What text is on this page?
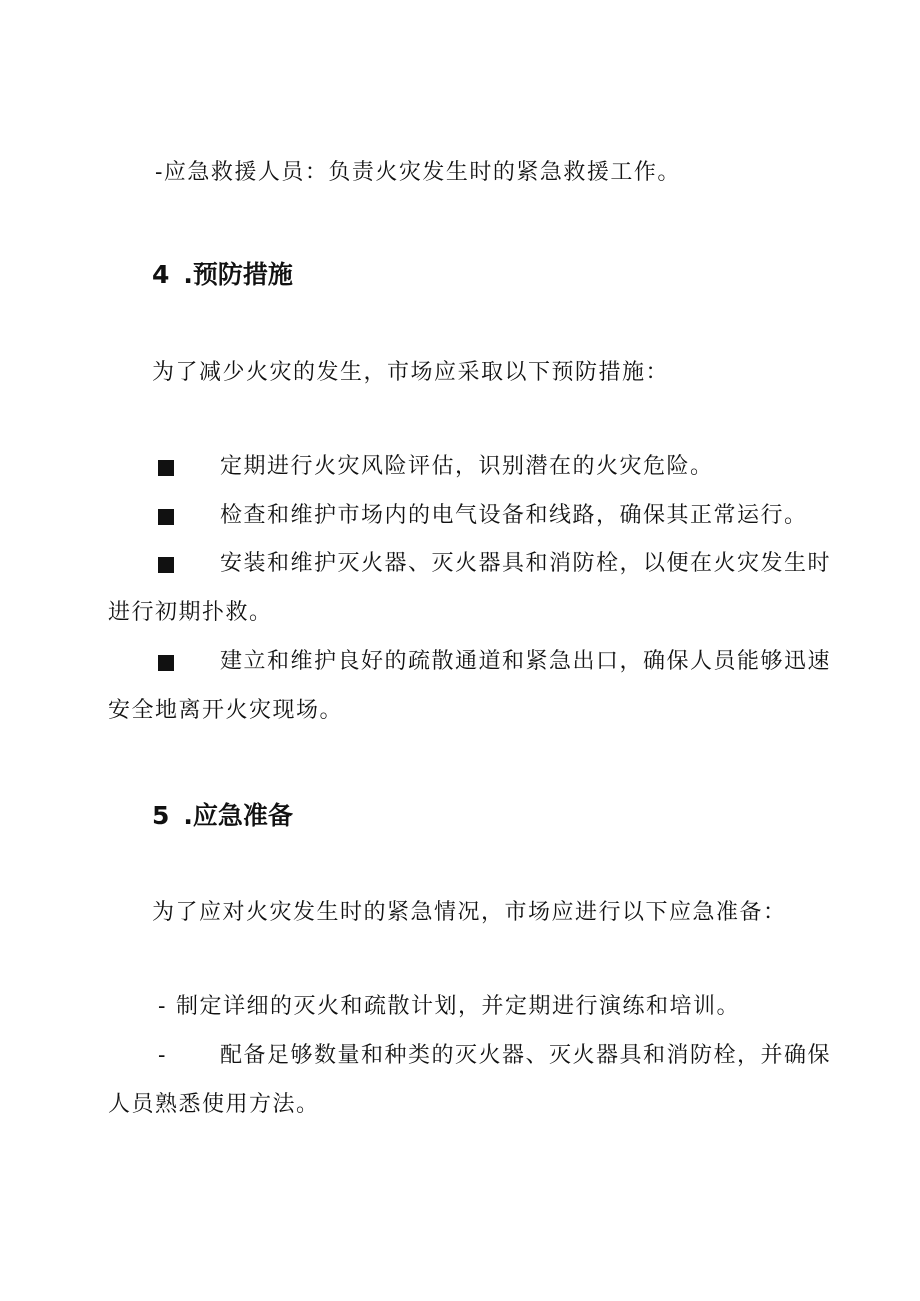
-应急救援人员：负责火灾发生时的紧急救援工作。
4 .预防措施
为了减少火灾的发生，市场应采取以下预防措施：
定期进行火灾风险评估，识别潜在的火灾危险。
检查和维护市场内的电气设备和线路，确保其正常运行。
安装和维护灭火器、灭火器具和消防栓，以便在火灾发生时
进行初期扑救。
建立和维护良好的疏散通道和紧急出口，确保人员能够迅速
安全地离开火灾现场。
5 .应急准备
为了应对火灾发生时的紧急情况，市场应进行以下应急准备：
- 制定详细的灭火和疏散计划，并定期进行演练和培训。
- 配备足够数量和种类的灭火器、灭火器具和消防栓，并确保
人员熟悉使用方法。
